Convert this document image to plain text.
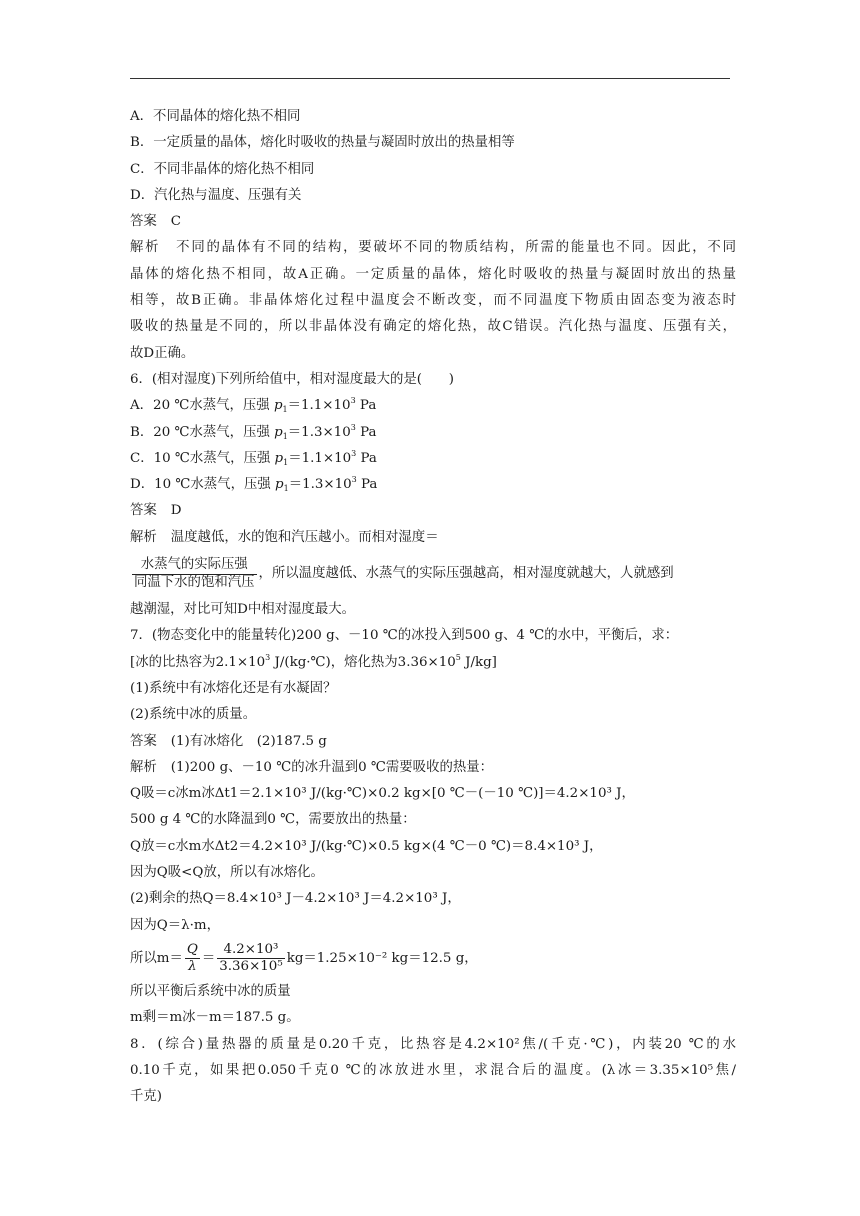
A．不同晶体的熔化热不相同
B．一定质量的晶体，熔化时吸收的热量与凝固时放出的热量相等
C．不同非晶体的熔化热不相同
D．汽化热与温度、压强有关
答案 C
解析 不同的晶体有不同的结构，要破坏不同的物质结构，所需的能量也不同。因此，不同
晶体的熔化热不相同，故A正确。一定质量的晶体，熔化时吸收的热量与凝固时放出的热量
相等，故B正确。非晶体熔化过程中温度会不断改变，而不同温度下物质由固态变为液态时
吸收的热量是不同的，所以非晶体没有确定的熔化热，故C错误。汽化热与温度、压强有关，
故D正确。
6．(相对湿度)下列所给值中，相对湿度最大的是(　　)
A．20 ℃水蒸气，压强 $p_1=1.1\times 10^3$ Pa
B．20 ℃水蒸气，压强 $p_1=1.3\times 10^3$ Pa
C．10 ℃水蒸气，压强 $p_1=1.1\times 10^3$ Pa
D．10 ℃水蒸气，压强 $p_1=1.3\times 10^3$ Pa
答案 D
解析 温度越低，水的饱和汽压越小。而相对湿度＝
$\frac{\text{水蒸气的实际压强}}{\text{同温下水的饱和汽压}}$ ，所以温度越低、水蒸气的实际压强越高，相对湿度就越大，人就感到
越潮湿，对比可知D中相对湿度最大。
7．(物态变化中的能量转化)200 g、－10 ℃的冰投入到500 g、4 ℃的水中，平衡后，求：
[冰的比热容为$2.1\times 10^3$ J/(kg·℃)，熔化热为$3.36\times 10^5$ J/kg]
(1)系统中有冰熔化还是有水凝固？
(2)系统中冰的质量。
答案 (1)有冰熔化　(2)187.5 g
解析 (1)200 g、－10 ℃的冰升温到0 ℃需要吸收的热量：
Q吸＝c冰m冰Δt1＝2.1×10³ J/(kg·℃)×0.2 kg×[0 ℃－(－10 ℃)]＝4.2×10³ J，
500 g 4 ℃的水降温到0 ℃，需要放出的热量：
Q放＝c水m水Δt2＝4.2×10³ J/(kg·℃)×0.5 kg×(4 ℃－0 ℃)＝8.4×10³ J，
因为Q吸<Q放，所以有冰熔化。
(2)剩余的热Q＝8.4×10³ J－4.2×10³ J＝4.2×10³ J，
因为Q＝λ·m，
所以$m= \frac{Q}{\lambda} = \frac{\text{4.2×10³}}{\text{3.36×10⁵}} kg=1.25\times 10^{-2}$ kg＝12.5 g，
所以平衡后系统中冰的质量
m剩＝m冰－m＝187.5 g。
8．(综合)量热器的质量是0.20千克，比热容是4.2×10²焦/(千克·℃)，内装20 ℃的水
0.10千克，如果把0.050千克0 ℃的冰放进水里，求混合后的温度。(λ冰＝3.35×10⁵焦/
千克)
